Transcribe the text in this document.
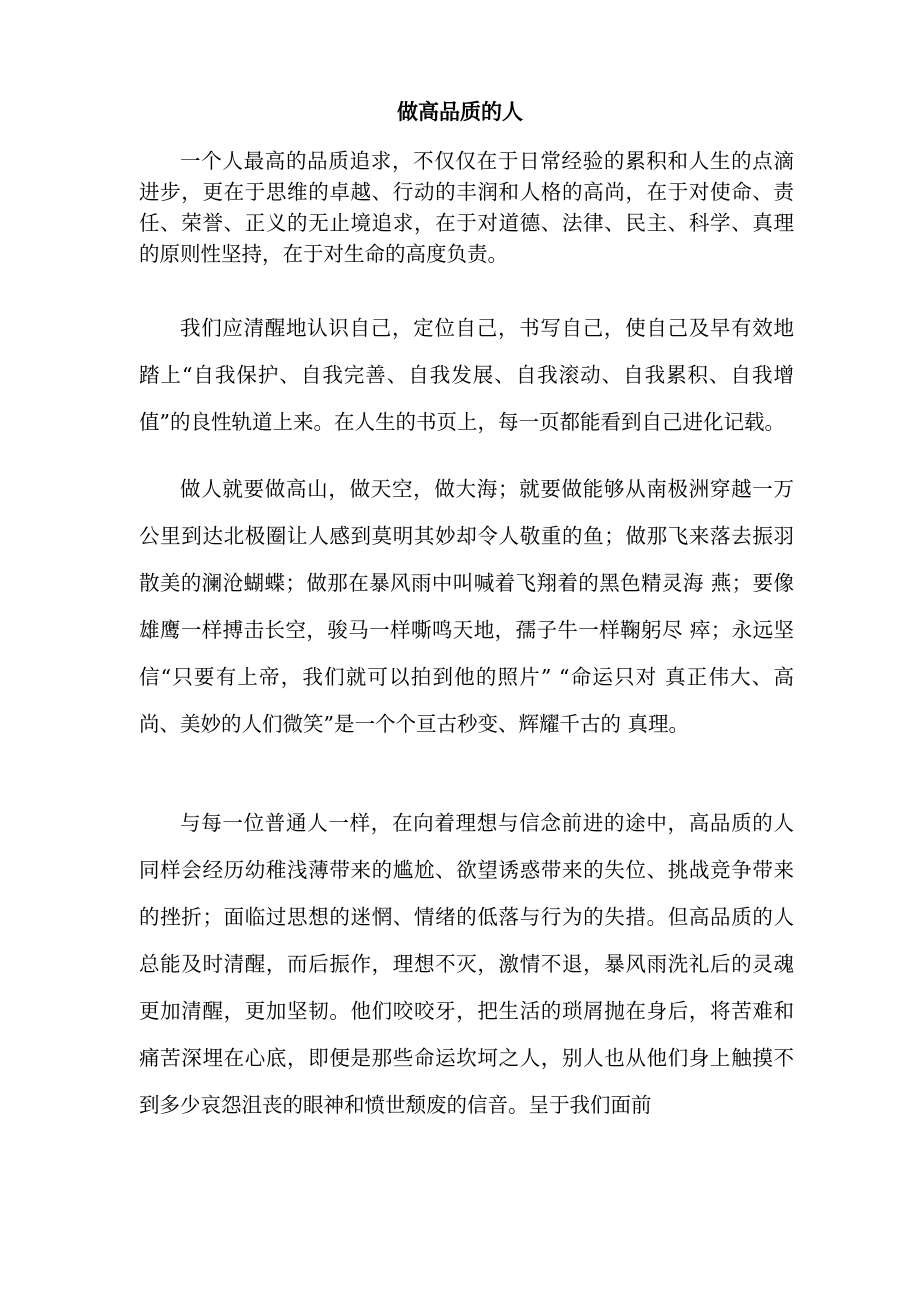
做高品质的人

一个人最高的品质追求，不仅仅在于日常经验的累积和人生的点滴进步，更在于思维的卓越、行动的丰润和人格的高尚，在于对使命、责任、荣誉、正义的无止境追求，在于对道德、法律、民主、科学、真理的原则性坚持，在于对生命的高度负责。

我们应清醒地认识自己，定位自己，书写自己，使自己及早有效地踏上“自我保护、自我完善、自我发展、自我滚动、自我累积、自我增值”的良性轨道上来。在人生的书页上，每一页都能看到自己进化记载。

做人就要做高山，做天空，做大海；就要做能够从南极洲穿越一万公里到达北极圈让人感到莫明其妙却令人敬重的鱼；做那飞来落去振羽散美的澜沧蝴蝶；做那在暴风雨中叫喊着飞翔着的黑色精灵海 燕；要像雄鹰一样搏击长空，骏马一样嘶鸣天地，孺子牛一样鞠躬尽 瘁；永远坚信“只要有上帝，我们就可以拍到他的照片” “命运只对 真正伟大、高尚、美妙的人们微笑”是一个个亘古秒变、辉耀千古的 真理。

与每一位普通人一样，在向着理想与信念前进的途中，高品质的人同样会经历幼稚浅薄带来的尴尬、欲望诱惑带来的失位、挑战竞争带来的挫折；面临过思想的迷惘、情绪的低落与行为的失措。但高品质的人总能及时清醒，而后振作，理想不灭，激情不退，暴风雨洗礼后的灵魂更加清醒，更加坚韧。他们咬咬牙，把生活的琐屑抛在身后，将苦难和痛苦深埋在心底，即便是那些命运坎坷之人，别人也从他们身上触摸不到多少哀怨沮丧的眼神和愤世颓废的信音。呈于我们面前
